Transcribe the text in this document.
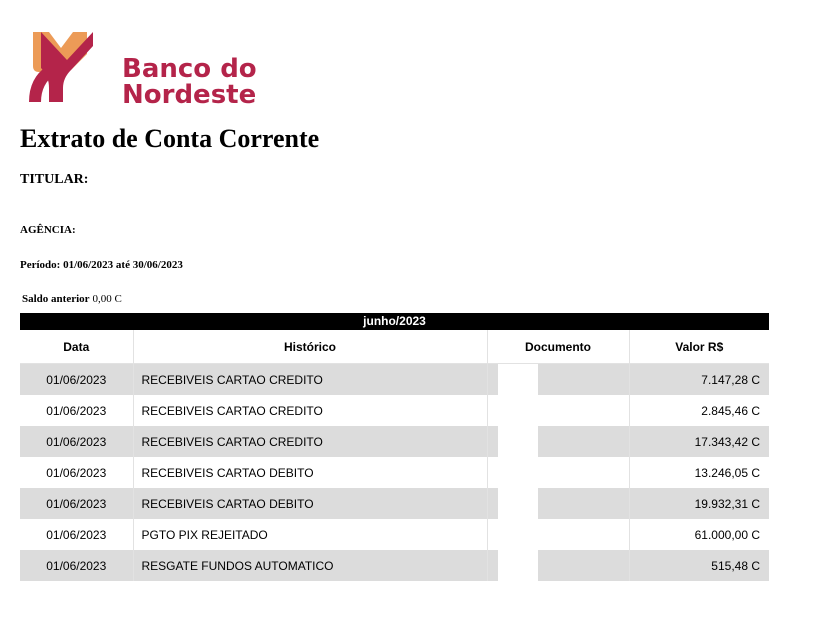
Banco do
Nordeste
Extrato de Conta Corrente
TITULAR:
AGÊNCIA:
Período: 01/06/2023 até 30/06/2023
Saldo anterior 0,00 C
junho/2023
Data	Histórico	Documento	Valor R$
01/06/2023	RECEBIVEIS CARTAO CREDITO		7.147,28 C
01/06/2023	RECEBIVEIS CARTAO CREDITO		2.845,46 C
01/06/2023	RECEBIVEIS CARTAO CREDITO		17.343,42 C
01/06/2023	RECEBIVEIS CARTAO DEBITO		13.246,05 C
01/06/2023	RECEBIVEIS CARTAO DEBITO		19.932,31 C
01/06/2023	PGTO PIX REJEITADO		61.000,00 C
01/06/2023	RESGATE FUNDOS AUTOMATICO		515,48 C
